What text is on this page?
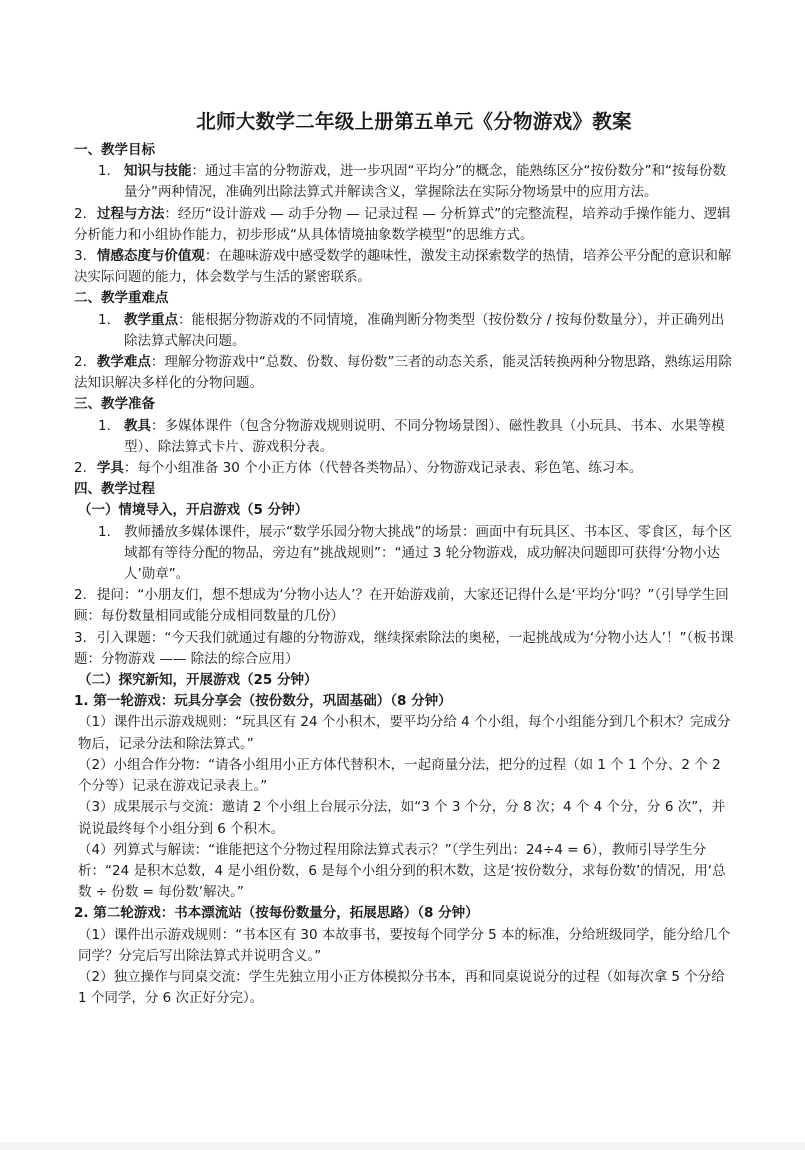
北师大数学二年级上册第五单元《分物游戏》教案
一、教学目标
1. 知识与技能：通过丰富的分物游戏，进一步巩固“平均分”的概念，能熟练区分“按份数分”和“按每份数量分”两种情况，准确列出除法算式并解读含义，掌握除法在实际分物场景中的应用方法。
2. 过程与方法：经历“设计游戏 — 动手分物 — 记录过程 — 分析算式”的完整流程，培养动手操作能力、逻辑分析能力和小组协作能力，初步形成“从具体情境抽象数学模型”的思维方式。
3. 情感态度与价值观：在趣味游戏中感受数学的趣味性，激发主动探索数学的热情，培养公平分配的意识和解决实际问题的能力，体会数学与生活的紧密联系。
二、教学重难点
1. 教学重点：能根据分物游戏的不同情境，准确判断分物类型（按份数分 / 按每份数量分），并正确列出除法算式解决问题。
2. 教学难点：理解分物游戏中“总数、份数、每份数”三者的动态关系，能灵活转换两种分物思路，熟练运用除法知识解决多样化的分物问题。
三、教学准备
1. 教具：多媒体课件（包含分物游戏规则说明、不同分物场景图）、磁性教具（小玩具、书本、水果等模型）、除法算式卡片、游戏积分表。
2. 学具：每个小组准备 30 个小正方体（代替各类物品）、分物游戏记录表、彩色笔、练习本。
四、教学过程
（一）情境导入，开启游戏（5 分钟）
1. 教师播放多媒体课件，展示“数学乐园分物大挑战”的场景：画面中有玩具区、书本区、零食区，每个区域都有等待分配的物品，旁边有“挑战规则”：“通过 3 轮分物游戏，成功解决问题即可获得‘分物小达人’勋章”。
2. 提问：“小朋友们，想不想成为‘分物小达人’？在开始游戏前，大家还记得什么是‘平均分’吗？”（引导学生回顾：每份数量相同或能分成相同数量的几份）
3. 引入课题：“今天我们就通过有趣的分物游戏，继续探索除法的奥秘，一起挑战成为‘分物小达人’！”（板书课题：分物游戏 —— 除法的综合应用）
（二）探究新知，开展游戏（25 分钟）
1. 第一轮游戏：玩具分享会（按份数分，巩固基础）（8 分钟）
（1）课件出示游戏规则：“玩具区有 24 个小积木，要平均分给 4 个小组，每个小组能分到几个积木？完成分物后，记录分法和除法算式。”
（2）小组合作分物：“请各小组用小正方体代替积木，一起商量分法，把分的过程（如 1 个 1 个分、2 个 2 个分等）记录在游戏记录表上。”
（3）成果展示与交流：邀请 2 个小组上台展示分法，如“3 个 3 个分，分 8 次；4 个 4 个分，分 6 次”，并说说最终每个小组分到 6 个积木。
（4）列算式与解读：“谁能把这个分物过程用除法算式表示？”（学生列出：24÷4 = 6），教师引导学生分析：“24 是积木总数，4 是小组份数，6 是每个小组分到的积木数，这是‘按份数分，求每份数’的情况，用‘总数 ÷ 份数 = 每份数’解决。”
2. 第二轮游戏：书本漂流站（按每份数量分，拓展思路）（8 分钟）
（1）课件出示游戏规则：“书本区有 30 本故事书，要按每个同学分 5 本的标准，分给班级同学，能分给几个同学？分完后写出除法算式并说明含义。”
（2）独立操作与同桌交流：学生先独立用小正方体模拟分书本，再和同桌说说分的过程（如每次拿 5 个分给 1 个同学，分 6 次正好分完）。
